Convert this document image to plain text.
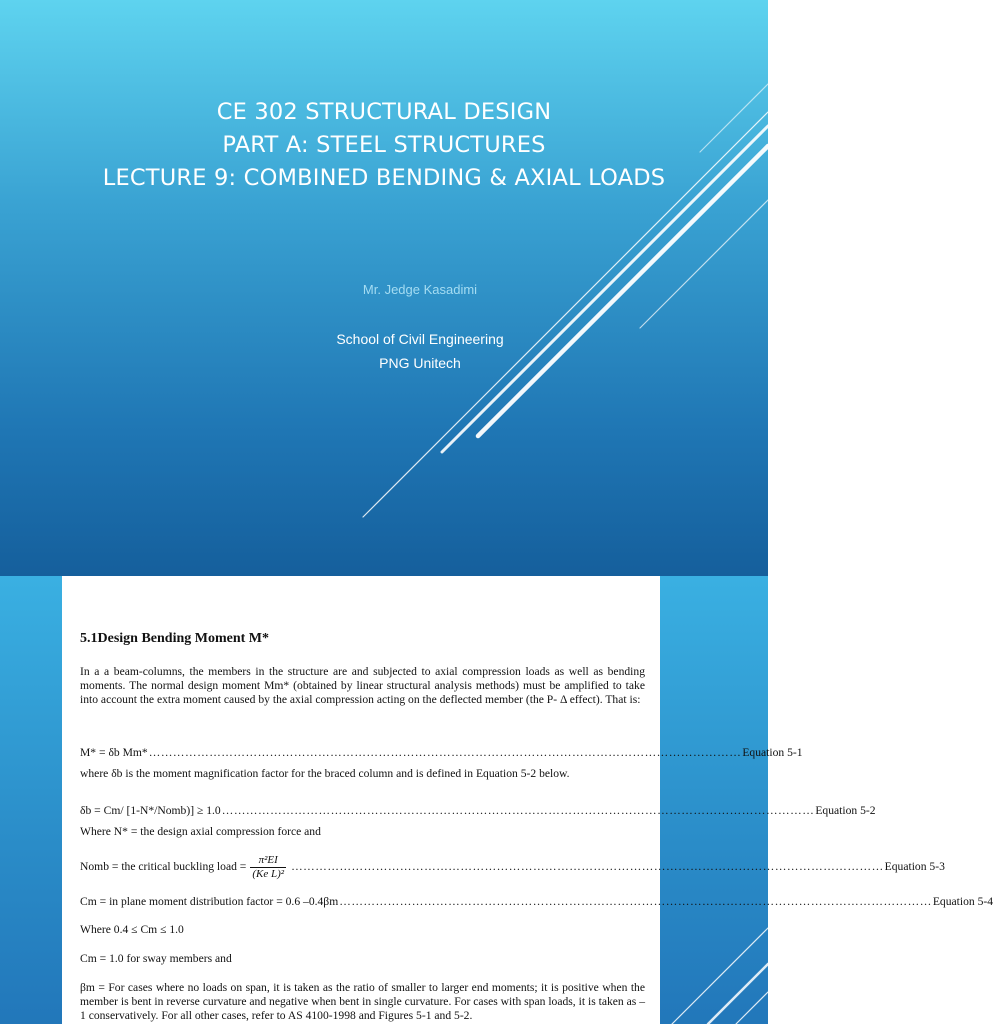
CE 302 STRUCTURAL DESIGN
PART A: STEEL STRUCTURES
LECTURE 9: COMBINED BENDING & AXIAL LOADS
Mr. Jedge Kasadimi
School of Civil Engineering
PNG Unitech
5.1Design Bending Moment M*
In a a beam-columns, the members in the structure are and subjected to axial compression loads as well as bending moments. The normal design moment Mm* (obtained by linear structural analysis methods) must be amplified to take into account the extra moment caused by the axial compression acting on the deflected member (the P- Δ effect). That is:
M* = δb Mm* ………………………………………………………………………………………………………………………………… Equation 5-1
where δb is the moment magnification factor for the braced column and is defined in Equation 5-2 below.
δb = Cm/ [1-N*/Nomb)] ≥ 1.0 ………………………………………………………………………………………………………………………………… Equation 5-2
Where N* = the design axial compression force and
Nomb = the critical buckling load = $\frac{\text{π²EI}}{\text{(Ke L)²}}$ ………………………………………………………………………………………………………………………………… Equation 5-3
Cm = in plane moment distribution factor = 0.6 –0.4βm ………………………………………………………………………………………………………………………………… Equation 5-4
Where 0.4 ≤ Cm ≤ 1.0
Cm = 1.0 for sway members and
βm = For cases where no loads on span, it is taken as the ratio of smaller to larger end moments; it is positive when the member is bent in reverse curvature and negative when bent in single curvature. For cases with span loads, it is taken as –1 conservatively. For all other cases, refer to AS 4100-1998 and Figures 5-1 and 5-2.
